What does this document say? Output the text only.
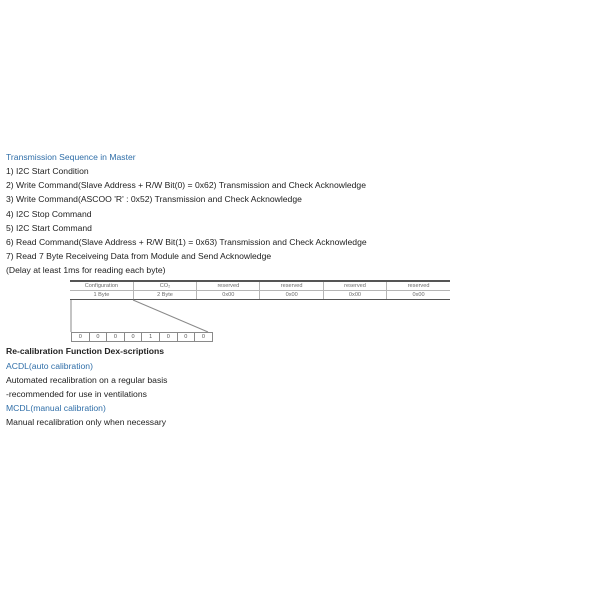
Transmission Sequence in Master
1) I2C Start Condition
2) Write Command(Slave Address + R/W Bit(0) = 0x62) Transmission and Check Acknowledge
3) Write Command(ASCOO 'R' : 0x52) Transmission and Check Acknowledge
4) I2C Stop Command
5) I2C Start Command
6) Read Command(Slave Address + R/W Bit(1) = 0x63) Transmission and Check Acknowledge
7) Read 7 Byte Receiveing Data from Module and Send Acknowledge
(Delay at least 1ms for reading each byte)
Configuration	CO₂	reserved	reserved	reserved	reserved
1 Byte	2 Byte	0x00	0x00	0x00	0x00
0	0	0	0	1	0	0	0
Re-calibration Function Dex-scriptions
ACDL(auto calibration)
Automated recalibration on a regular basis
-recommended for use in ventilations
MCDL(manual calibration)
Manual recalibration only when necessary
